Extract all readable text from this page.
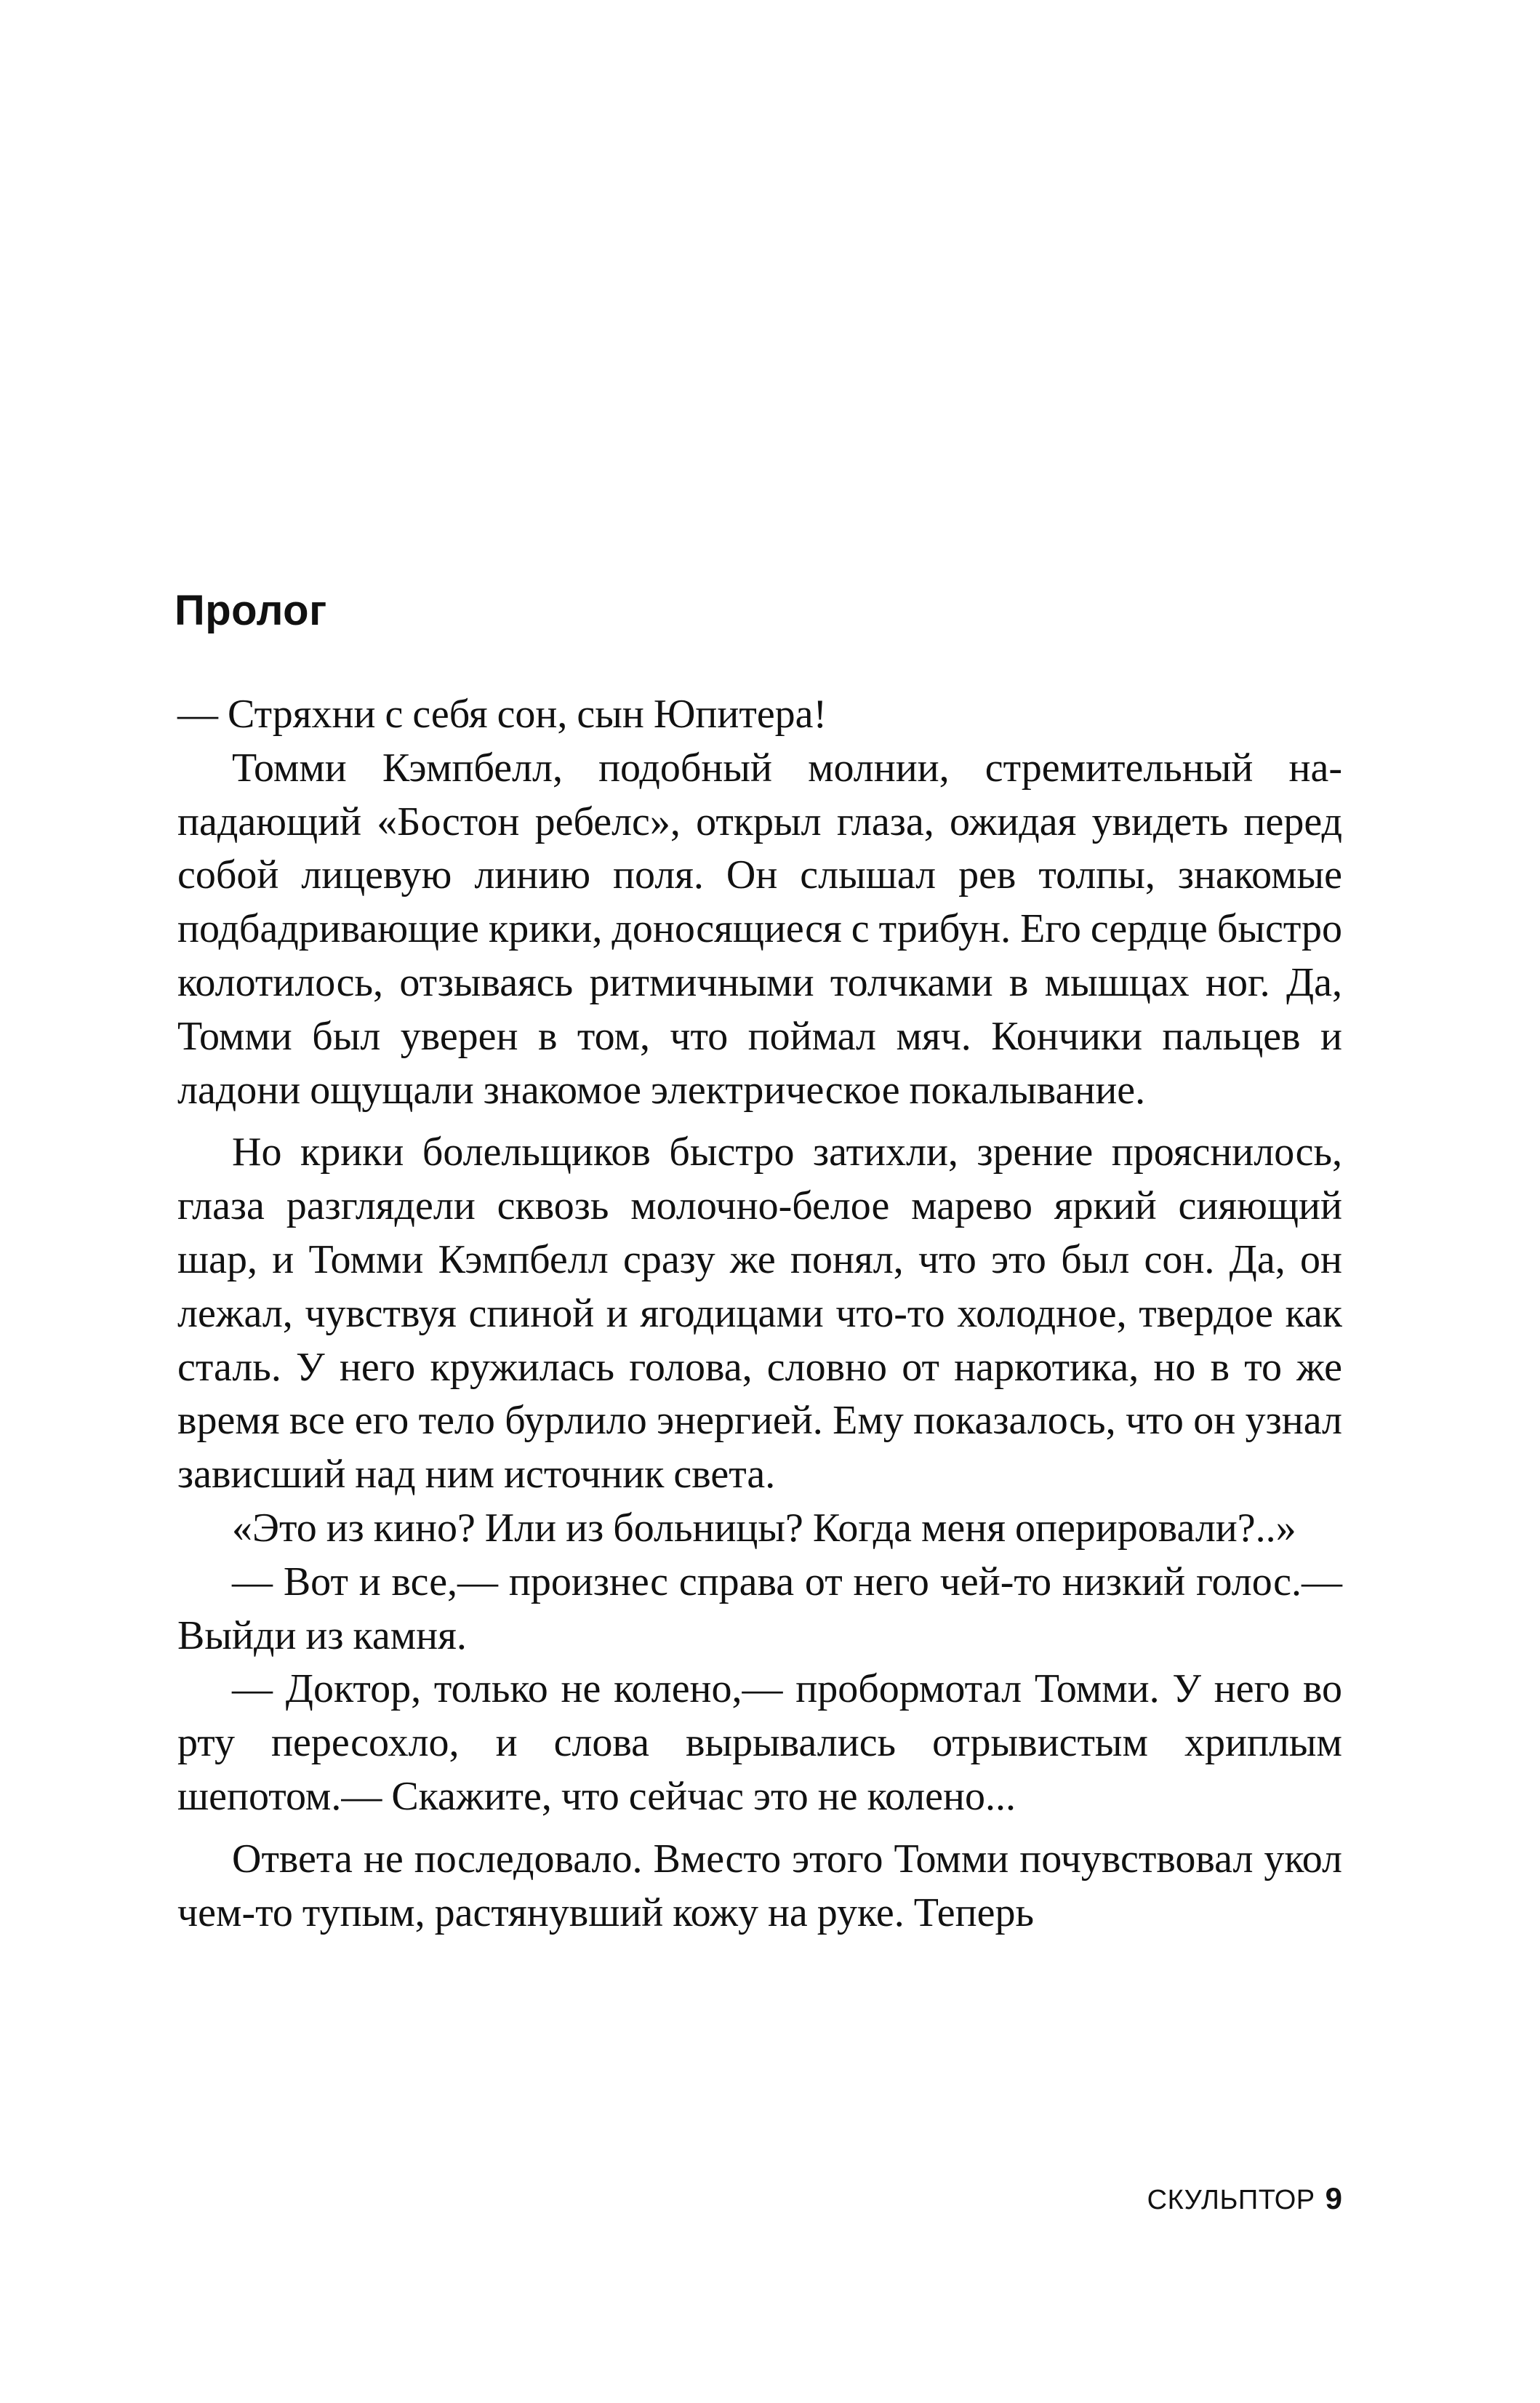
Пролог

— Стряхни с себя сон, сын Юпитера!

Томми Кэмпбелл, подобный молнии, стремительный нападающий «Бостон ребелс», открыл глаза, ожидая увидеть перед собой лицевую линию поля. Он слышал рев толпы, знакомые подбадривающие крики, доносящиеся с трибун. Его сердце быстро колотилось, отзываясь ритмичными толчками в мышцах ног. Да, Томми был уверен в том, что поймал мяч. Кончики пальцев и ладони ощущали знакомое электрическое покалывание.

Но крики болельщиков быстро затихли, зрение прояснилось, глаза разглядели сквозь молочно-белое марево яркий сияющий шар, и Томми Кэмпбелл сразу же понял, что это был сон. Да, он лежал, чувствуя спиной и ягодицами что-то холодное, твердое как сталь. У него кружилась голова, словно от наркотика, но в то же время все его тело бурлило энергией. Ему показалось, что он узнал зависший над ним источник света.

«Это из кино? Или из больницы? Когда меня оперировали?..»

— Вот и все,— произнес справа от него чей-то низкий голос.— Выйди из камня.

— Доктор, только не колено,— пробормотал Томми. У него во рту пересохло, и слова вырывались отрывистым хриплым шепотом.— Скажите, что сейчас это не колено...

Ответа не последовало. Вместо этого Томми почувствовал укол чем-то тупым, растянувший кожу на руке. Теперь

СКУЛЬПТОР 9
